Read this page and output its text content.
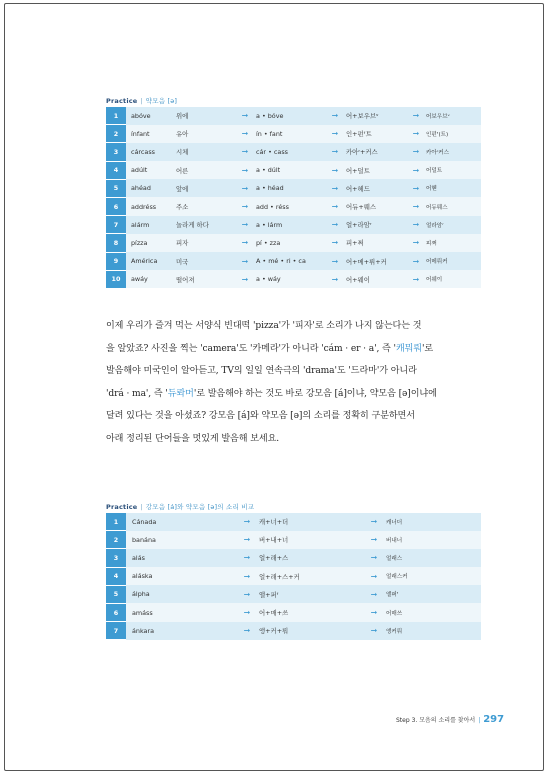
Practice | 약모음 [ə]
1		abóve	위에	➞	a • bóve	➞	어+보우브ᵛ	➞	어보우브ᵛ
2		ínfant	유아	➞	ín • fant	➞	인+펀ᶠ트	➞	인펀ᶠ(트)
3		cárcass	시체	➞	cár • cass	➞	카아ʳ+커스	➞	카아ʳ커스
4		adúlt	어른	➞	a • dúlt	➞	어+덜트	➞	어덜트
5		ahéad	앞에	➞	a • héad	➞	어+헤드	➞	어헫
6		addréss	주소	➞	add • réss	➞	어듀+뤠스	➞	어듀뤠스
7		alárm	놀라게 하다	➞	a • lárm	➞	얼+라암ʳ	➞	얼라암ʳ
8		pízza	피자	➞	pí • zza	➞	피+쩌	➞	피쩌
9		América	미국	➞	A • mé • ri • ca	➞	어+메+뤼+커	➞	어메뤼커
10		awáy	떨어져	➞	a • wáy	➞	어+웨이	➞	어웨이

이제 우리가 즐겨 먹는 서양식 빈대떡 'pizza'가 '피자'로 소리가 나지 않는다는 것

을 알았죠? 사진을 찍는 'camera'도 '카메라'가 아니라 'cám · er · a', 즉 '캐뭐뤄'로

발음해야 미국인이 알아듣고, TV의 일일 연속극의 'drama'도 '드라마'가 아니라

'drá · ma', 즉 '듀롸머'로 발음해야 하는 것도 바로 강모음 [á]이냐, 약모음 [ə]이냐에

달려 있다는 것을 아셨죠? 강모음 [á]와 약모음 [ə]의 소리를 정확히 구분하면서

아래 정리된 단어들을 멋있게 발음해 보세요.

Practice | 강모음 [á]와 약모음 [ə]의 소리 비교
1		Cánada	➞	캐+너+더	➞	캐너더
2		banána	➞	버+내+너	➞	버내너
3		alás	➞	얼+래+스	➞	얼래스
4		aláska	➞	얼+래+스+커	➞	얼래스커
5		álpha	➞	앨+퍼ᶠ	➞	앨퍼ᶠ
6		amáss	➞	어+매+쓰	➞	어매쓰
7		ánkara	➞	앵+커+뤄	➞	앵커뤄
Step 3. 모음의 소리를 찾아서 | 297
